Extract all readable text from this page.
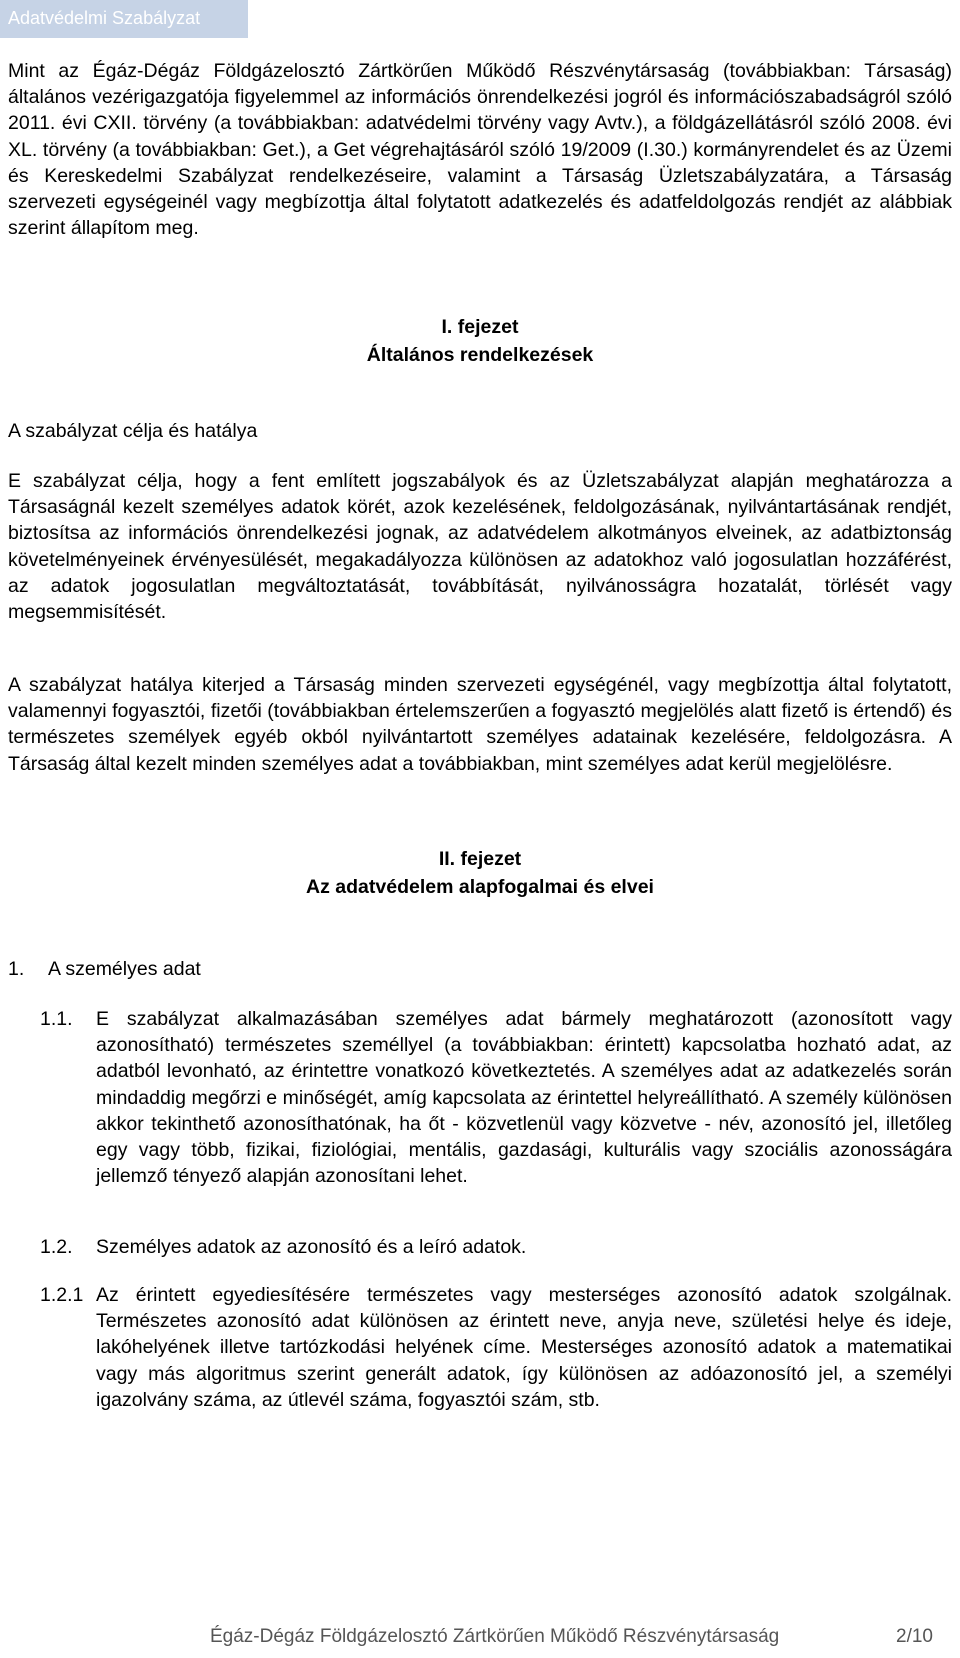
Adatvédelmi Szabályzat

Mint az Égáz-Dégáz Földgázelosztó Zártkörűen Működő Részvénytársaság (továbbiakban: Társaság) általános vezérigazgatója figyelemmel az információs önrendelkezési jogról és információszabadságról szóló 2011. évi CXII. törvény (a továbbiakban: adatvédelmi törvény vagy Avtv.), a földgázellátásról szóló 2008. évi XL. törvény (a továbbiakban: Get.), a Get végrehajtásáról szóló 19/2009 (I.30.) kormányrendelet és az Üzemi és Kereskedelmi Szabályzat rendelkezéseire, valamint a Társaság Üzletszabályzatára, a Társaság szervezeti egységeinél vagy megbízottja által folytatott adatkezelés és adatfeldolgozás rendjét az alábbiak szerint állapítom meg.

I. fejezet
Általános rendelkezések
A szabályzat célja és hatálya

E szabályzat célja, hogy a fent említett jogszabályok és az Üzletszabályzat alapján meghatározza a Társaságnál kezelt személyes adatok körét, azok kezelésének, feldolgozásának, nyilvántartásának rendjét, biztosítsa az információs önrendelkezési jognak, az adatvédelem alkotmányos elveinek, az adatbiztonság követelményeinek érvényesülését, megakadályozza különösen az adatokhoz való jogosulatlan hozzáférést, az adatok jogosulatlan megváltoztatását, továbbítását, nyilvánosságra hozatalát, törlését vagy megsemmisítését.

A szabályzat hatálya kiterjed a Társaság minden szervezeti egységénél, vagy megbízottja által folytatott, valamennyi fogyasztói, fizetői (továbbiakban értelemszerűen a fogyasztó megjelölés alatt fizető is értendő) és természetes személyek egyéb okból nyilvántartott személyes adatainak kezelésére, feldolgozásra. A Társaság által kezelt minden személyes adat a továbbiakban, mint személyes adat kerül megjelölésre.

II. fejezet
Az adatvédelem alapfogalmai és elvei
1. A személyes adat
1.1. E szabályzat alkalmazásában személyes adat bármely meghatározott (azonosított vagy azonosítható) természetes személlyel (a továbbiakban: érintett) kapcsolatba hozható adat, az adatból levonható, az érintettre vonatkozó következtetés. A személyes adat az adatkezelés során mindaddig megőrzi e minőségét, amíg kapcsolata az érintettel helyreállítható. A személy különösen akkor tekinthető azonosíthatónak, ha őt - közvetlenül vagy közvetve - név, azonosító jel, illetőleg egy vagy több, fizikai, fiziológiai, mentális, gazdasági, kulturális vagy szociális azonosságára jellemző tényező alapján azonosítani lehet.

1.2. Személyes adatok az azonosító és a leíró adatok.

1.2.1 Az érintett egyediesítésére természetes vagy mesterséges azonosító adatok szolgálnak. Természetes azonosító adat különösen az érintett neve, anyja neve, születési helye és ideje, lakóhelyének illetve tartózkodási helyének címe. Mesterséges azonosító adatok a matematikai vagy más algoritmus szerint generált adatok, így különösen az adóazonosító jel, a személyi igazolvány száma, az útlevél száma, fogyasztói szám, stb.

Égáz-Dégáz Földgázelosztó Zártkörűen Működő Részvénytársaság	2/10
